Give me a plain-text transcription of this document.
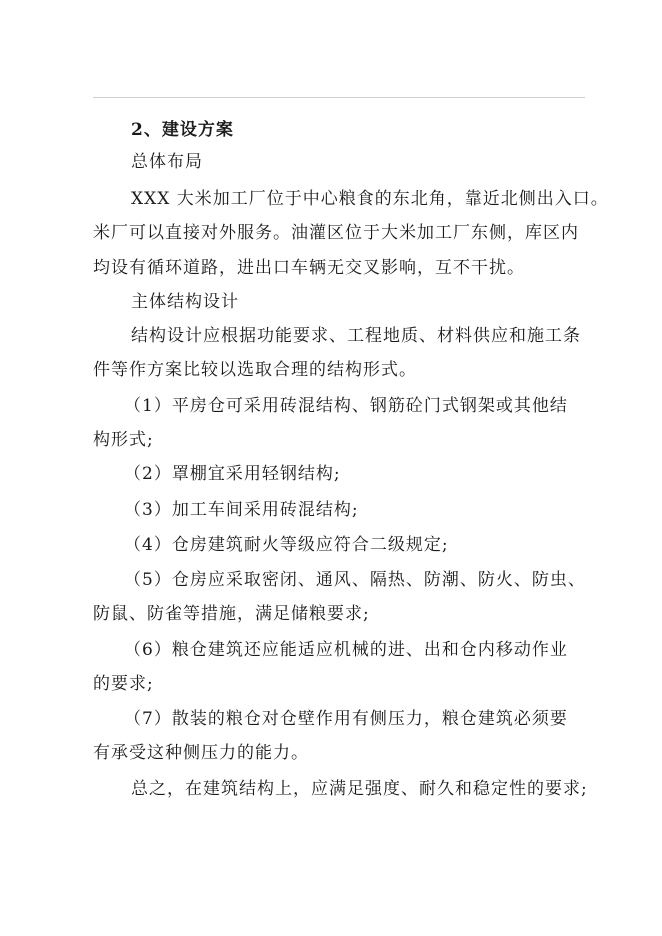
2、建设方案
总体布局
XXX 大米加工厂位于中心粮食的东北角，靠近北侧出入口。
米厂可以直接对外服务。油灌区位于大米加工厂东侧，库区内
均设有循环道路，进出口车辆无交叉影响，互不干扰。
主体结构设计
结构设计应根据功能要求、工程地质、材料供应和施工条
件等作方案比较以选取合理的结构形式。
（1）平房仓可采用砖混结构、钢筋砼门式钢架或其他结
构形式;
（2）罩棚宜采用轻钢结构;
（3）加工车间采用砖混结构;
（4）仓房建筑耐火等级应符合二级规定;
（5）仓房应采取密闭、通风、隔热、防潮、防火、防虫、
防鼠、防雀等措施，满足储粮要求;
（6）粮仓建筑还应能适应机械的进、出和仓内移动作业
的要求;
（7）散装的粮仓对仓壁作用有侧压力，粮仓建筑必须要
有承受这种侧压力的能力。
总之，在建筑结构上，应满足强度、耐久和稳定性的要求;
